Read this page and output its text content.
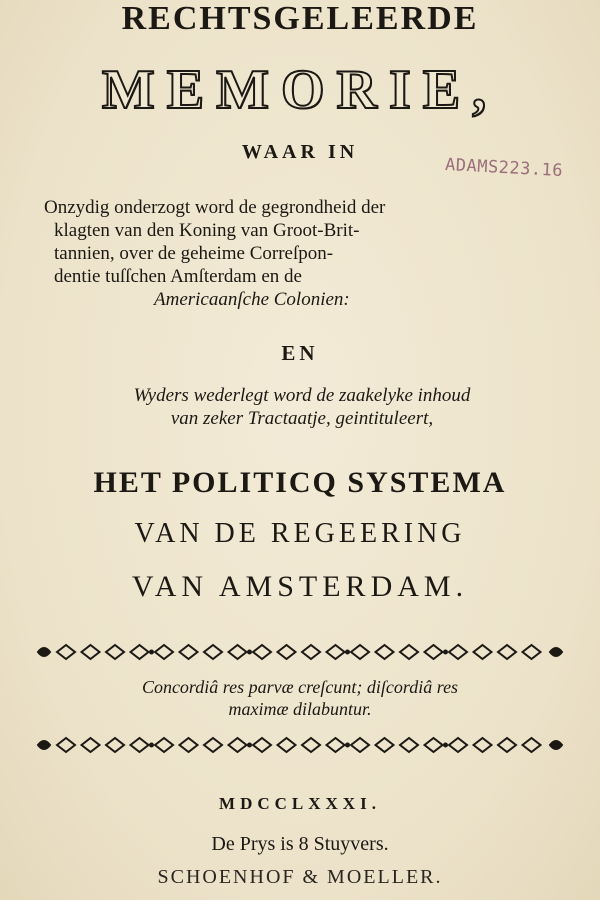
RECHTSGELEERDE
MEMORIE,
WAAR IN
ADAMS223.16
Onzydig onderzogt word de gegrondheid der
klagten van den Koning van Groot-Brit-
tannien, over de geheime Correſpon-
dentie tuſſchen Amſterdam en de
Americaanſche Colonien:
EN
Wyders wederlegt word de zaakelyke inhoud
van zeker Tractaatje, geintituleert,
HET POLITICQ SYSTEMA
VAN DE REGEERING
VAN AMSTERDAM.
Concordiâ res parvæ creſcunt; diſcordiâ res
maximæ dilabuntur.
MDCCLXXXI.
De Prys is 8 Stuyvers.
SCHOENHOF & MOELLER.
